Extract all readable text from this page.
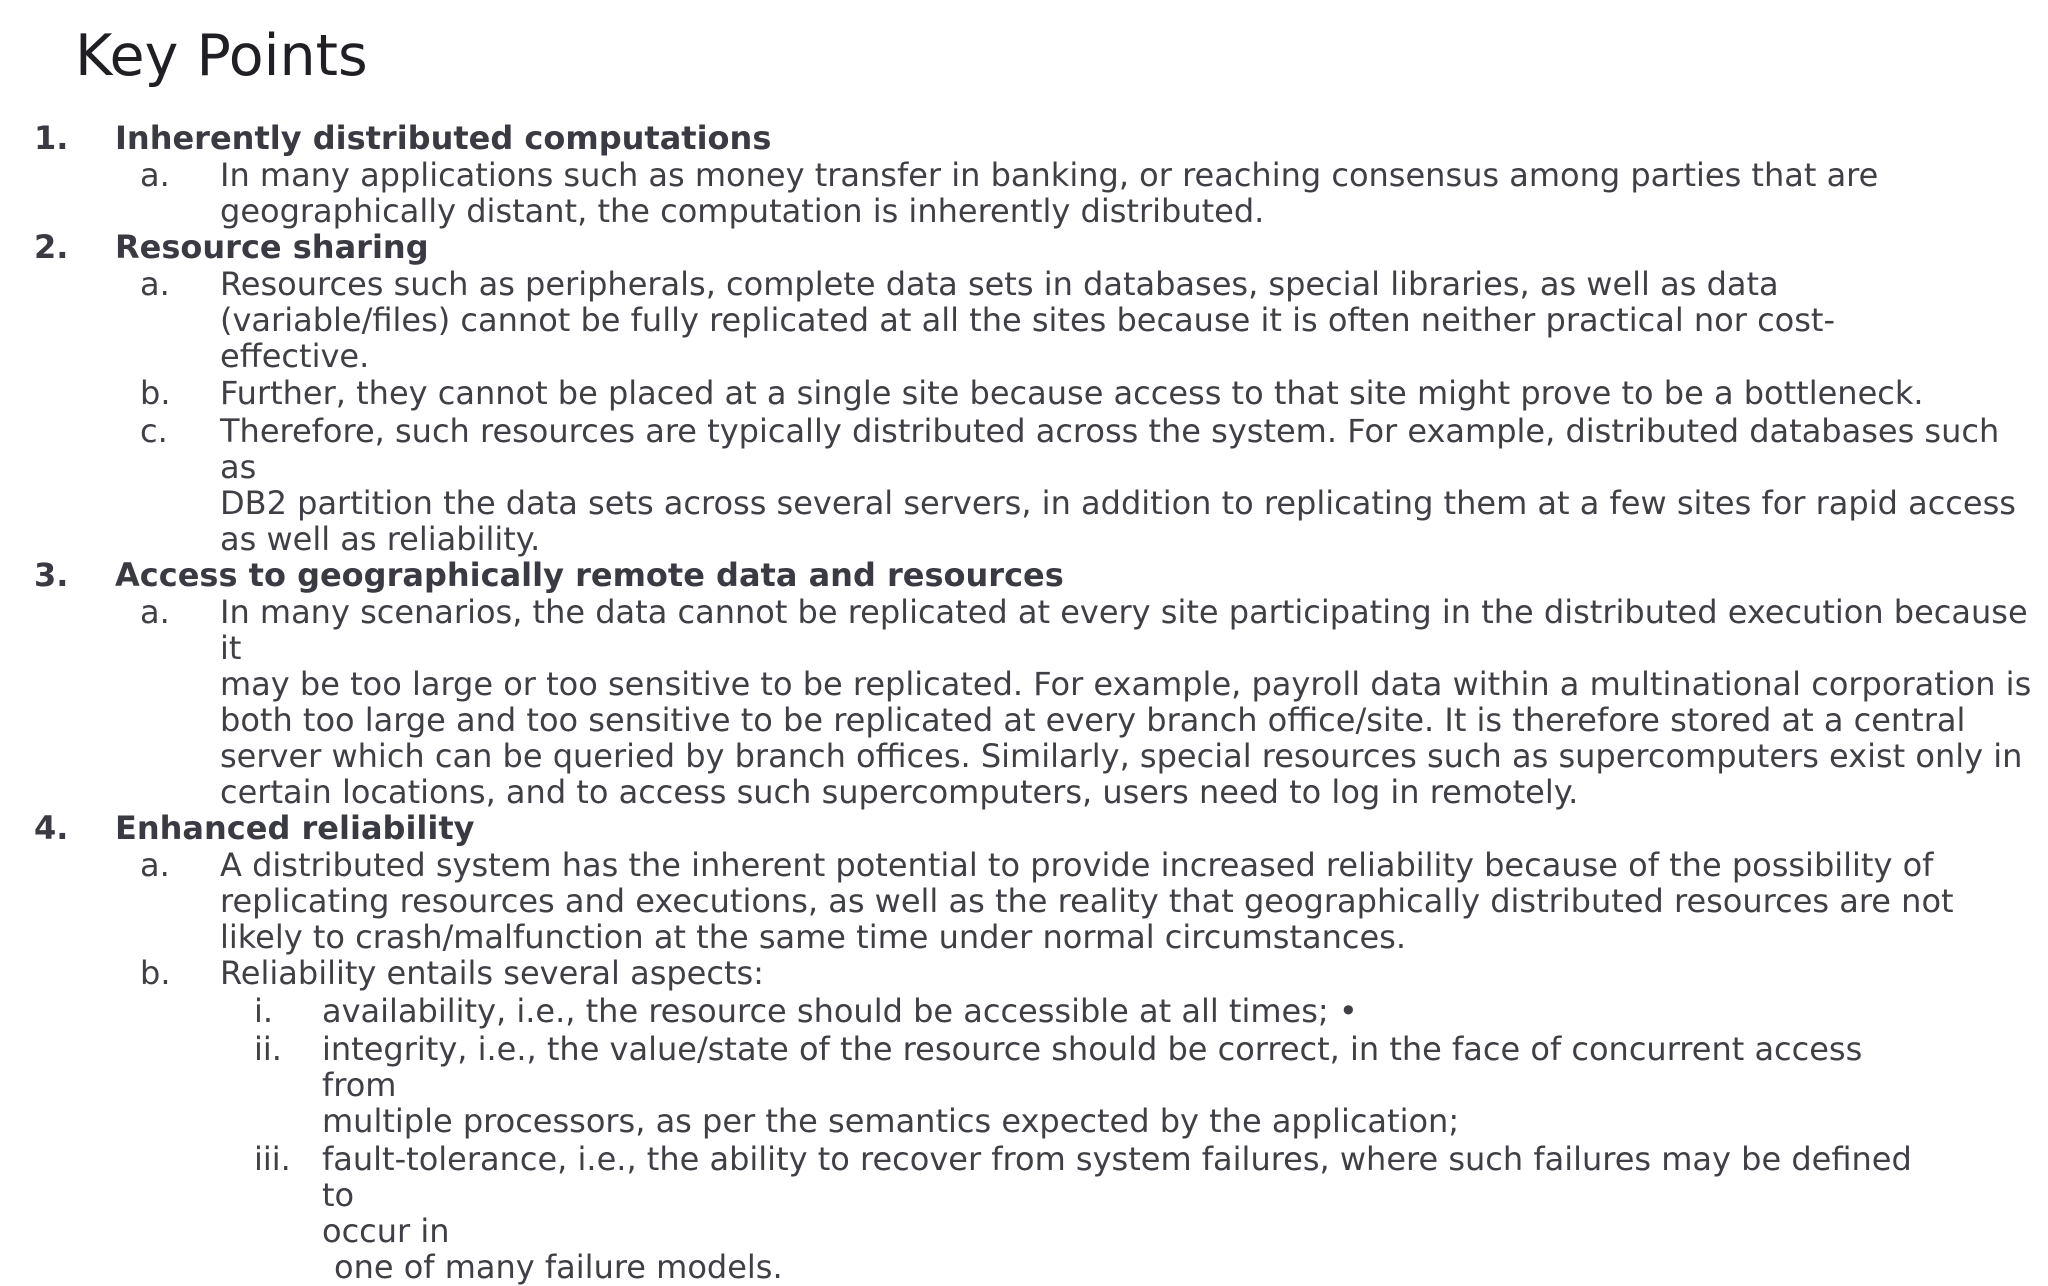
Key Points
1. Inherently distributed computations
a. In many applications such as money transfer in banking, or reaching consensus among parties that are
geographically distant, the computation is inherently distributed.
2. Resource sharing
a. Resources such as peripherals, complete data sets in databases, special libraries, as well as data
(variable/files) cannot be fully replicated at all the sites because it is often neither practical nor cost-
effective.
b. Further, they cannot be placed at a single site because access to that site might prove to be a bottleneck.
c. Therefore, such resources are typically distributed across the system. For example, distributed databases such as
DB2 partition the data sets across several servers, in addition to replicating them at a few sites for rapid access
as well as reliability.
3. Access to geographically remote data and resources
a. In many scenarios, the data cannot be replicated at every site participating in the distributed execution because it
may be too large or too sensitive to be replicated. For example, payroll data within a multinational corporation is
both too large and too sensitive to be replicated at every branch office/site. It is therefore stored at a central
server which can be queried by branch offices. Similarly, special resources such as supercomputers exist only in
certain locations, and to access such supercomputers, users need to log in remotely.
4. Enhanced reliability
a. A distributed system has the inherent potential to provide increased reliability because of the possibility of
replicating resources and executions, as well as the reality that geographically distributed resources are not
likely to crash/malfunction at the same time under normal circumstances.
b. Reliability entails several aspects:
i.	availability, i.e., the resource should be accessible at all times; •
ii.	integrity, i.e., the value/state of the resource should be correct, in the face of concurrent access from
multiple processors, as per the semantics expected by the application;
iii. fault-tolerance, i.e., the ability to recover from system failures, where such failures may be defined to
occur in
one of many failure models.
